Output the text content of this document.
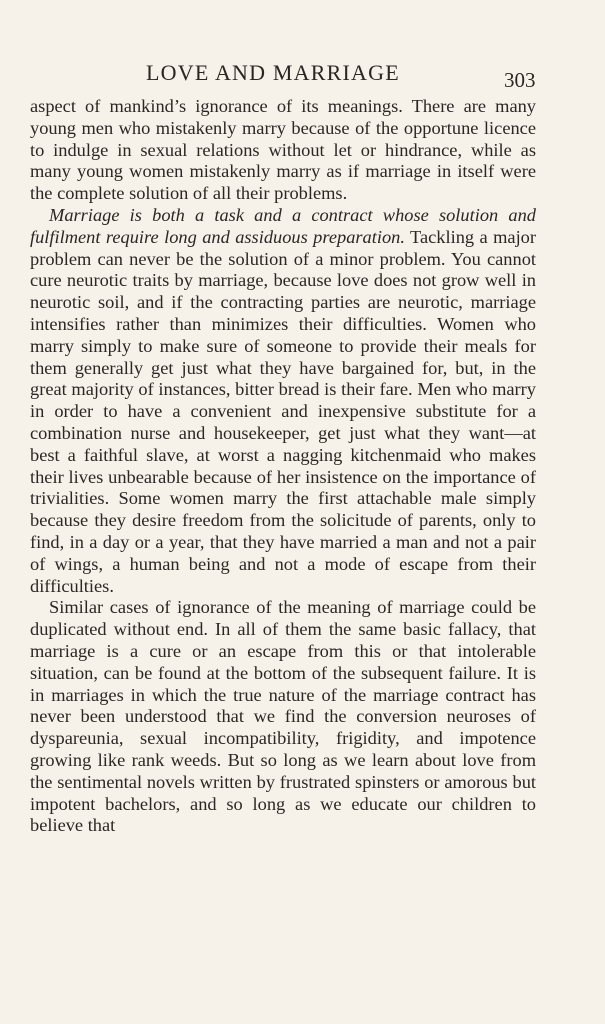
LOVE AND MARRIAGE	303

aspect of mankind’s ignorance of its meanings. There are many young men who mistakenly marry because of the opportune licence to indulge in sexual relations without let or hindrance, while as many young women mistakenly marry as if marriage in itself were the complete solution of all their problems.

Marriage is both a task and a contract whose solution and fulfilment require long and assiduous preparation. Tackling a major problem can never be the solution of a minor problem. You cannot cure neurotic traits by marriage, because love does not grow well in neurotic soil, and if the contracting parties are neurotic, marriage intensifies rather than minimizes their difficulties. Women who marry simply to make sure of someone to provide their meals for them generally get just what they have bargained for, but, in the great majority of instances, bitter bread is their fare. Men who marry in order to have a convenient and inexpensive substitute for a combination nurse and housekeeper, get just what they want—at best a faithful slave, at worst a nagging kitchenmaid who makes their lives unbearable because of her insistence on the importance of trivialities. Some women marry the first attachable male simply because they desire freedom from the solicitude of parents, only to find, in a day or a year, that they have married a man and not a pair of wings, a human being and not a mode of escape from their difficulties.

Similar cases of ignorance of the meaning of marriage could be duplicated without end. In all of them the same basic fallacy, that marriage is a cure or an escape from this or that intolerable situation, can be found at the bottom of the subsequent failure. It is in marriages in which the true nature of the marriage contract has never been understood that we find the conversion neuroses of dyspareunia, sexual incompatibility, frigidity, and impotence growing like rank weeds. But so long as we learn about love from the sentimental novels written by frustrated spinsters or amorous but impotent bachelors, and so long as we educate our children to believe that
